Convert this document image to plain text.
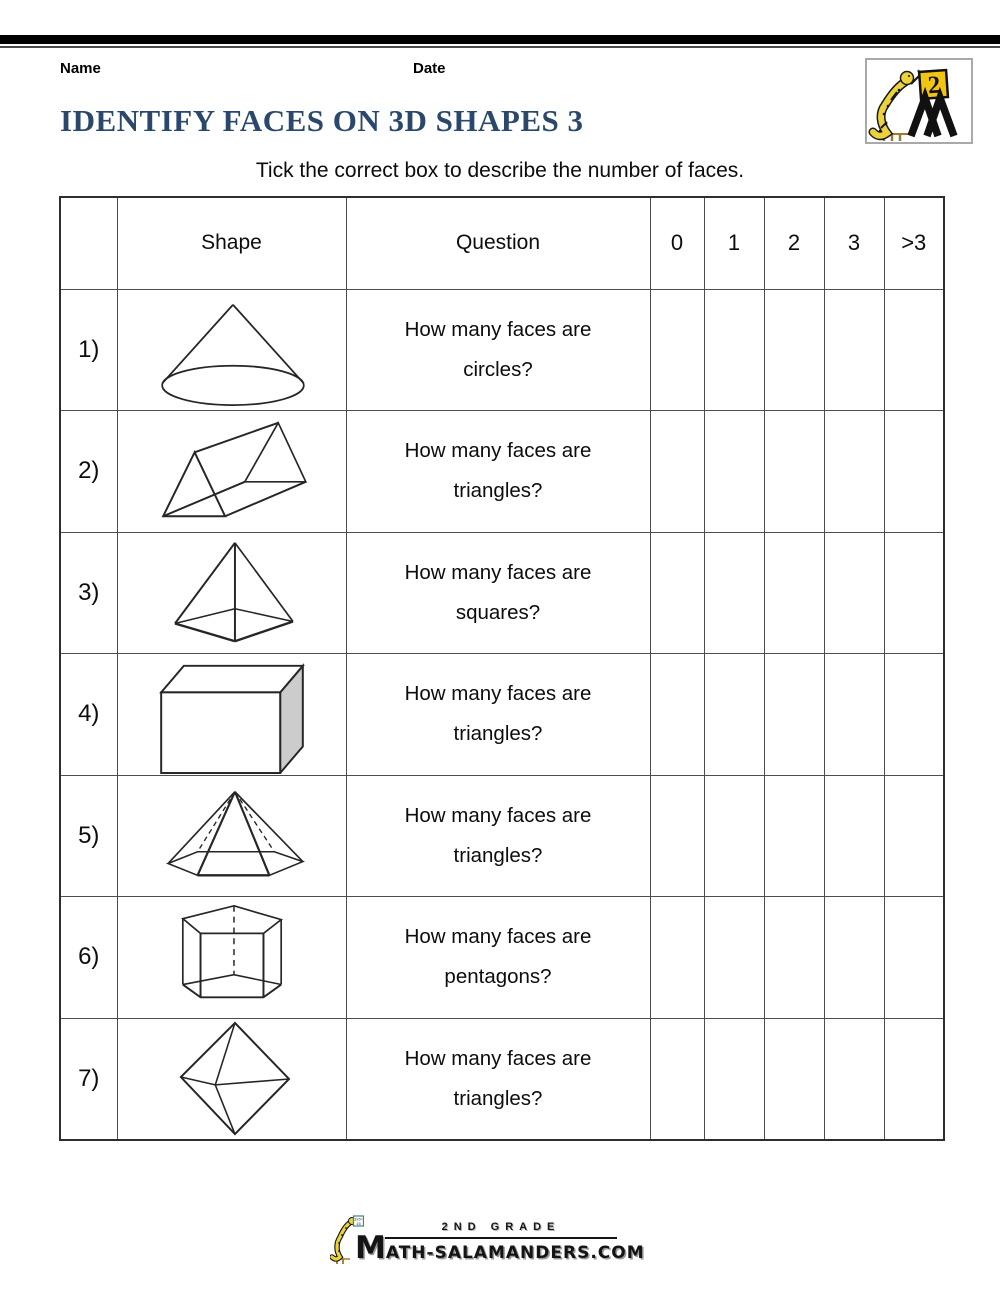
Name	Date
2
IDENTIFY FACES ON 3D SHAPES 3
Tick the correct box to describe the number of faces.
	Shape	Question	0	1	2	3	>3
1)		How many faces are
circles?					

2)		How many faces are
triangles?					

3)		How many faces are
squares?					

4)		How many faces are
triangles?					

5)		How many faces are
triangles?					

6)		How many faces are
pentagons?					

7)		How many faces are
triangles?					

3x5=
15	2ND GRADE
MATH-SALAMANDERS.COM
